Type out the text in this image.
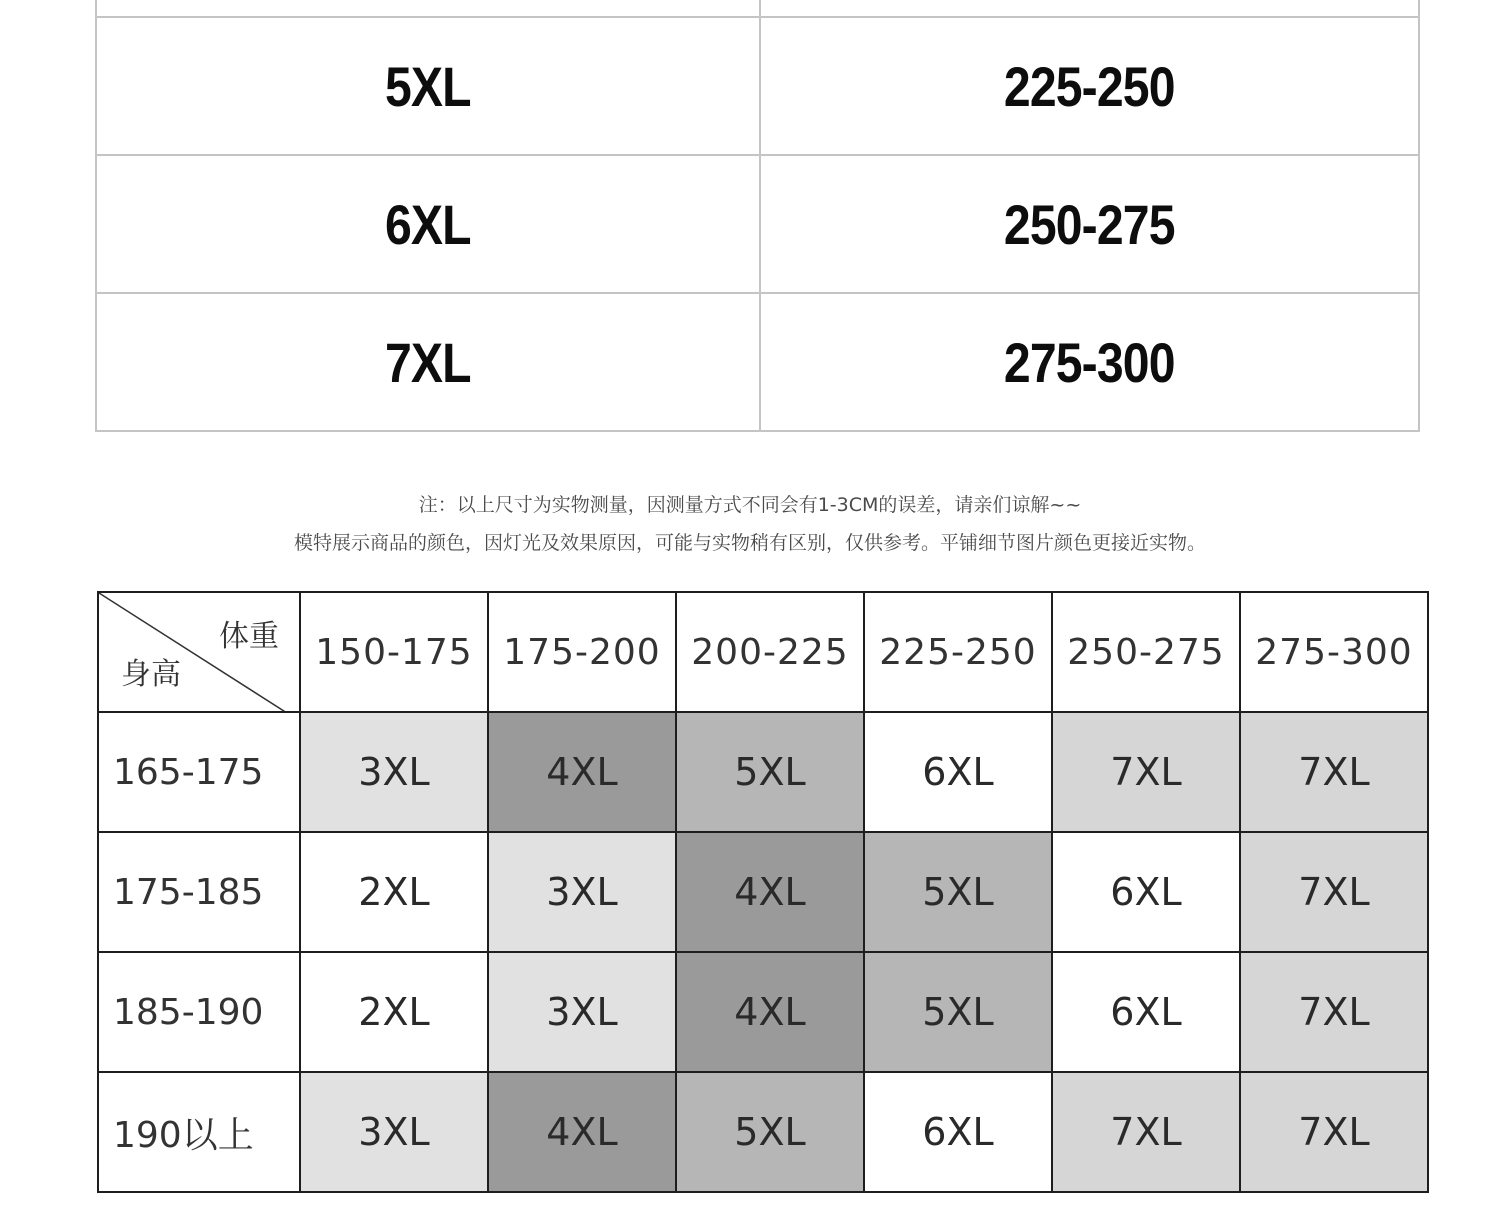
5XL	225-250
6XL	250-275
7XL	275-300
注：以上尺寸为实物测量，因测量方式不同会有1-3CM的误差，请亲们谅解~~
模特展示商品的颜色，因灯光及效果原因，可能与实物稍有区别，仅供参考。平铺细节图片颜色更接近实物。
体重
身高	150-175	175-200	200-225	225-250	250-275	275-300
165-175	3XL	4XL	5XL	6XL	7XL	7XL
175-185	2XL	3XL	4XL	5XL	6XL	7XL
185-190	2XL	3XL	4XL	5XL	6XL	7XL
190以上	3XL	4XL	5XL	6XL	7XL	7XL
